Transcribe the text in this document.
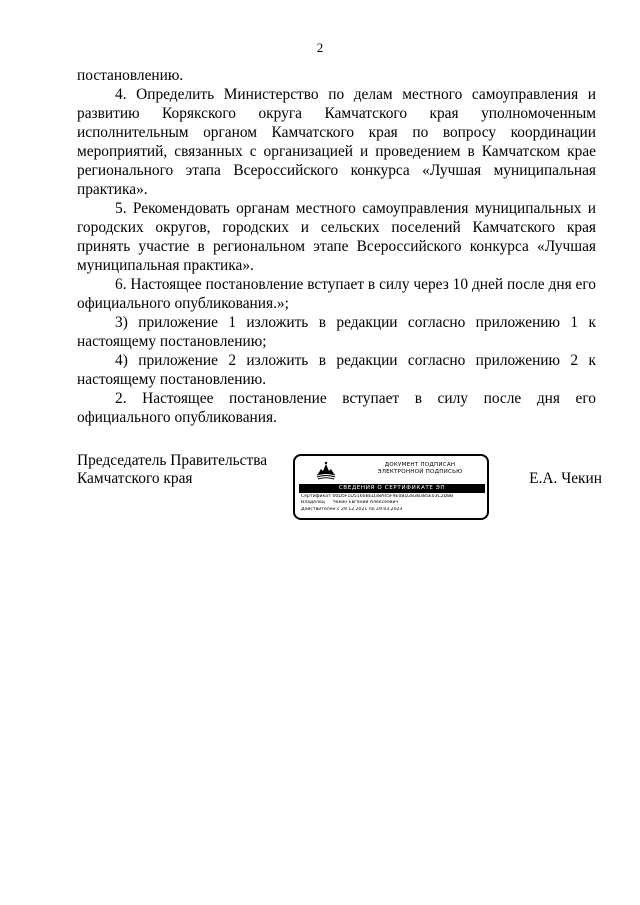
2

постановлению.

4. Определить Министерство по делам местного самоуправления и развитию Корякского округа Камчатского края уполномоченным исполнительным органом Камчатского края по вопросу координации мероприятий, связанных с организацией и проведением в Камчатском крае регионального этапа Всероссийского конкурса «Лучшая муниципальная практика».

5. Рекомендовать органам местного самоуправления муниципальных и городских округов, городских и сельских поселений Камчатского края принять участие в региональном этапе Всероссийского конкурса «Лучшая муниципальная практика».

6. Настоящее постановление вступает в силу через 10 дней после дня его официального опубликования.»;

3) приложение 1 изложить в редакции согласно приложению 1 к настоящему постановлению;

4) приложение 2 изложить в редакции согласно приложению 2 к настоящему постановлению.

2. Настоящее постановление вступает в силу после дня его официального опубликования.

Председатель Правительства
Камчатского края
ДОКУМЕНТ ПОДПИСАН
ЭЛЕКТРОННОЙ ПОДПИСЬЮ
СВЕДЕНИЯ О СЕРТИФИКАТЕ ЭП
Сертификат 00D5F1D5160BED38A45F9E0BD283B385E03C2D8B
Владелец Чекин Евгений Алексеевич
Действителен с 29.12.2021 по 29.03.2023
Е.А. Чекин
